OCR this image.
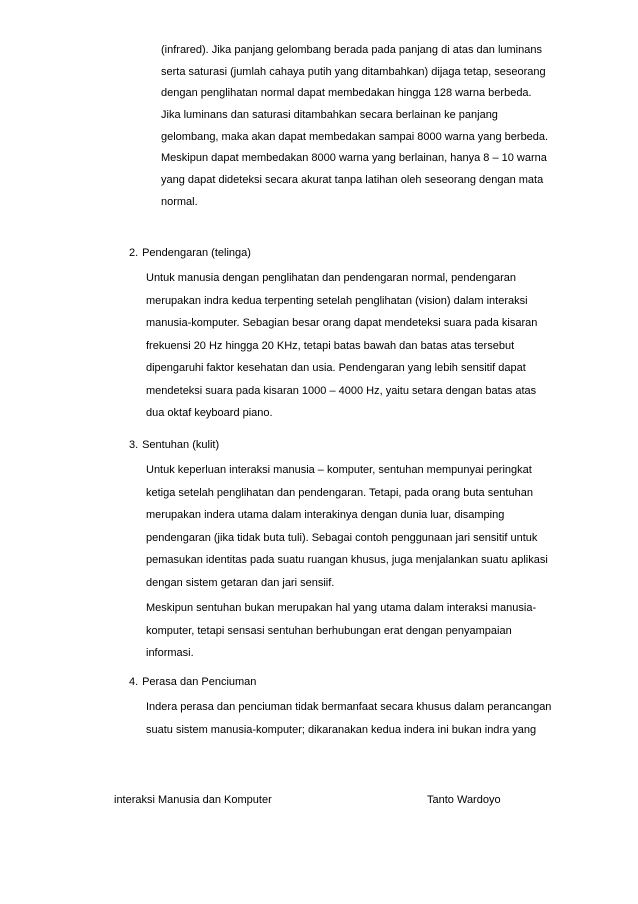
(infrared). Jika panjang gelombang berada pada panjang di atas dan luminans
serta saturasi (jumlah cahaya putih yang ditambahkan) dijaga tetap, seseorang
dengan penglihatan normal dapat membedakan hingga 128 warna berbeda.
Jika luminans dan saturasi ditambahkan secara berlainan ke panjang
gelombang, maka akan dapat membedakan sampai 8000 warna yang berbeda.
Meskipun dapat membedakan 8000 warna yang berlainan, hanya 8 – 10 warna
yang dapat dideteksi secara akurat tanpa latihan oleh seseorang dengan mata
normal.
2. Pendengaran (telinga)
Untuk manusia dengan penglihatan dan pendengaran normal, pendengaran
merupakan indra kedua terpenting setelah penglihatan (vision) dalam interaksi
manusia-komputer. Sebagian besar orang dapat mendeteksi suara pada kisaran
frekuensi 20 Hz hingga 20 KHz, tetapi batas bawah dan batas atas tersebut
dipengaruhi faktor kesehatan dan usia. Pendengaran yang lebih sensitif dapat
mendeteksi suara pada kisaran 1000 – 4000 Hz, yaitu setara dengan batas atas
dua oktaf keyboard piano.
3. Sentuhan (kulit)
Untuk keperluan interaksi manusia – komputer, sentuhan mempunyai peringkat
ketiga setelah penglihatan dan pendengaran. Tetapi, pada orang buta sentuhan
merupakan indera utama dalam interakinya dengan dunia luar, disamping
pendengaran (jika tidak buta tuli). Sebagai contoh penggunaan jari sensitif untuk
pemasukan identitas pada suatu ruangan khusus, juga menjalankan suatu aplikasi
dengan sistem getaran dan jari sensiif.
Meskipun sentuhan bukan merupakan hal yang utama dalam interaksi manusia-
komputer, tetapi sensasi sentuhan berhubungan erat dengan penyampaian
informasi.
4. Perasa dan Penciuman
Indera perasa dan penciuman tidak bermanfaat secara khusus dalam perancangan
suatu sistem manusia-komputer; dikaranakan kedua indera ini bukan indra yang
interaksi Manusia dan Komputer	Tanto Wardoyo
